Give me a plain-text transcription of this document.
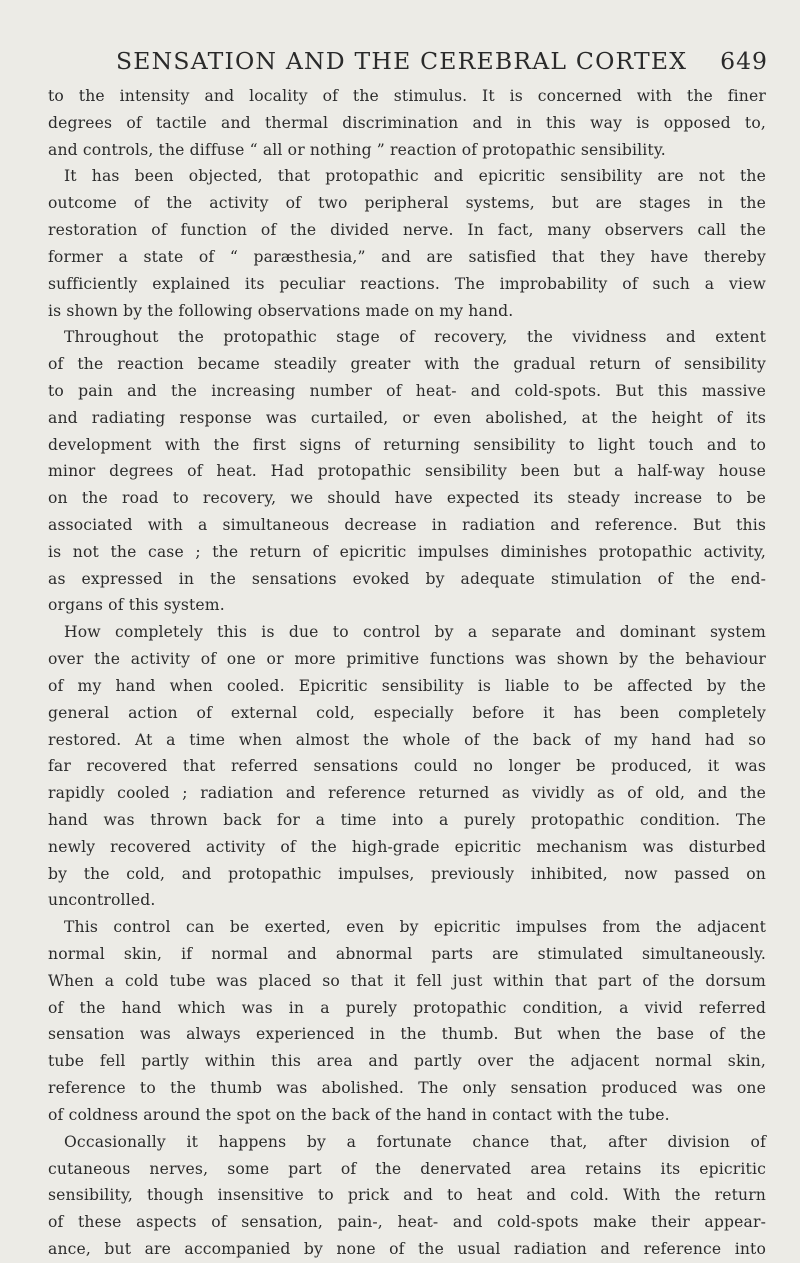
SENSATION AND THE CEREBRAL CORTEX 649
to the intensity and locality of the stimulus. It is concerned with the finer
degrees of tactile and thermal discrimination and in this way is opposed to,
and controls, the diffuse “ all or nothing ” reaction of protopathic sensibility.
It has been objected, that protopathic and epicritic sensibility are not the
outcome of the activity of two peripheral systems, but are stages in the
restoration of function of the divided nerve. In fact, many observers call the
former a state of “ paræsthesia,” and are satisfied that they have thereby
sufficiently explained its peculiar reactions. The improbability of such a view
is shown by the following observations made on my hand.
Throughout the protopathic stage of recovery, the vividness and extent
of the reaction became steadily greater with the gradual return of sensibility
to pain and the increasing number of heat- and cold-spots. But this massive
and radiating response was curtailed, or even abolished, at the height of its
development with the first signs of returning sensibility to light touch and to
minor degrees of heat. Had protopathic sensibility been but a half-way house
on the road to recovery, we should have expected its steady increase to be
associated with a simultaneous decrease in radiation and reference. But this
is not the case ; the return of epicritic impulses diminishes protopathic activity,
as expressed in the sensations evoked by adequate stimulation of the end-
organs of this system.
How completely this is due to control by a separate and dominant system
over the activity of one or more primitive functions was shown by the behaviour
of my hand when cooled. Epicritic sensibility is liable to be affected by the
general action of external cold, especially before it has been completely
restored. At a time when almost the whole of the back of my hand had so
far recovered that referred sensations could no longer be produced, it was
rapidly cooled ; radiation and reference returned as vividly as of old, and the
hand was thrown back for a time into a purely protopathic condition. The
newly recovered activity of the high-grade epicritic mechanism was disturbed
by the cold, and protopathic impulses, previously inhibited, now passed on
uncontrolled.
This control can be exerted, even by epicritic impulses from the adjacent
normal skin, if normal and abnormal parts are stimulated simultaneously.
When a cold tube was placed so that it fell just within that part of the dorsum
of the hand which was in a purely protopathic condition, a vivid referred
sensation was always experienced in the thumb. But when the base of the
tube fell partly within this area and partly over the adjacent normal skin,
reference to the thumb was abolished. The only sensation produced was one
of coldness around the spot on the back of the hand in contact with the tube.
Occasionally it happens by a fortunate chance that, after division of
cutaneous nerves, some part of the denervated area retains its epicritic
sensibility, though insensitive to prick and to heat and cold. With the return
of these aspects of sensation, pain-, heat- and cold-spots make their appear-
ance, but are accompanied by none of the usual radiation and reference into
